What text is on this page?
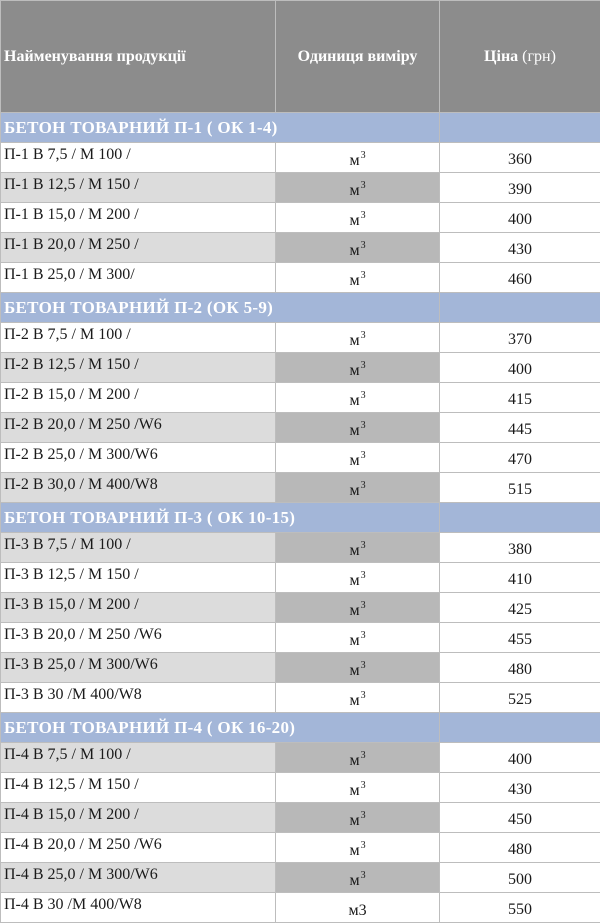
Найменування продукції	Одиниця виміру	Ціна (грн)
БЕТОН ТОВАРНИЙ П-1 ( ОК 1-4)		
П-1 В 7,5 / М 100 /	$м^3$	360
П-1 В 12,5 / М 150 /	$м^3$	390
П-1 В 15,0 / М 200 /	$м^3$	400
П-1 В 20,0 / М 250 /	$м^3$	430
П-1 В 25,0 / М 300/	$м^3$	460
БЕТОН ТОВАРНИЙ П-2 (ОК 5-9)		
П-2 В 7,5 / М 100 /	$м^3$	370
П-2 В 12,5 / М 150 /	$м^3$	400
П-2 В 15,0 / М 200 /	$м^3$	415
П-2 В 20,0 / М 250 /W6	$м^3$	445
П-2 В 25,0 / М 300/W6	$м^3$	470
П-2 В 30,0 / М 400/W8	$м^3$	515
БЕТОН ТОВАРНИЙ П-3 ( ОК 10-15)		
П-3 В 7,5 / М 100 /	$м^3$	380
П-3 В 12,5 / М 150 /	$м^3$	410
П-3 В 15,0 / М 200 /	$м^3$	425
П-3 В 20,0 / М 250 /W6	$м^3$	455
П-3 В 25,0 / М 300/W6	$м^3$	480
П-3 В 30 /М 400/W8	$м^3$	525
БЕТОН ТОВАРНИЙ П-4 ( ОК 16-20)		
П-4 В 7,5 / М 100 /	$м^3$	400
П-4 В 12,5 / М 150 /	$м^3$	430
П-4 В 15,0 / М 200 /	$м^3$	450
П-4 В 20,0 / М 250 /W6	$м^3$	480
П-4 В 25,0 / М 300/W6	$м^3$	500
П-4 В 30 /М 400/W8	м3	550
